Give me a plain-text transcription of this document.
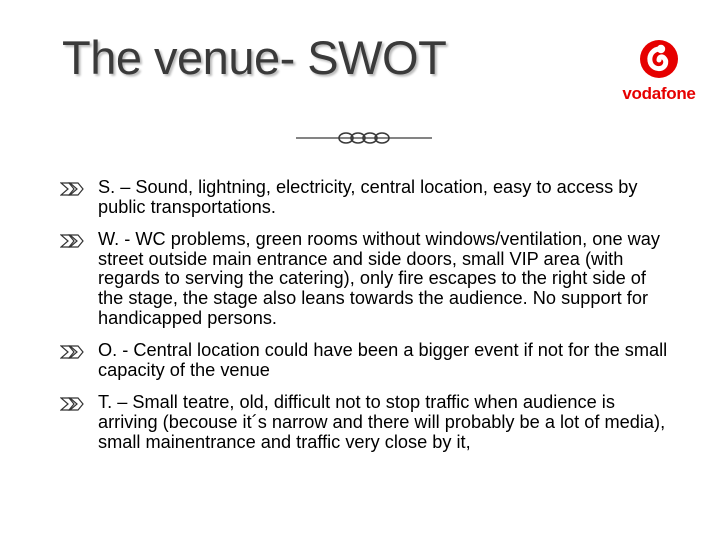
The venue- SWOT
vodafone
S. – Sound, lightning, electricity, central location, easy to access by public transportations.
W. - WC problems, green rooms without windows/ventilation, one way street outside main entrance and side doors, small VIP area (with regards to serving the catering), only fire escapes to the right side of the stage, the stage also leans towards the audience. No support for handicapped persons.
O. - Central location could have been a bigger event if not for the small capacity of the venue
T. – Small teatre, old, difficult not to stop traffic when audience is arriving (becouse it´s narrow and there will probably be a lot of media), small mainentrance and traffic very close by it,
